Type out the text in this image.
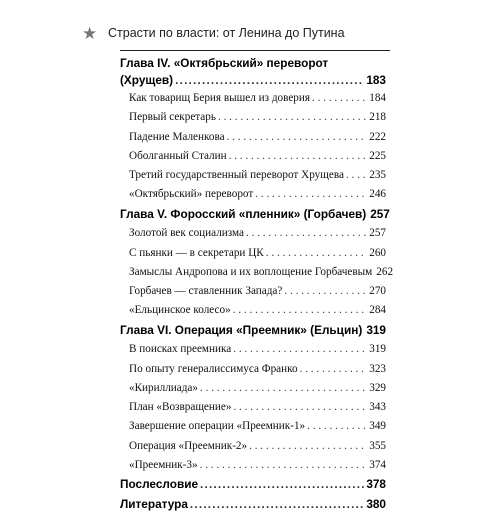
★ Страсти по власти: от Ленина до Путина
Глава IV. «Октябрьский» переворот
(Хрущев) .....	183
Как товарищ Берия вышел из доверия . . .	184
Первый секретарь . . .	218
Падение Маленкова . . .	222
Оболганный Сталин . . .	225
Третий государственный переворот Хрущева . . . 235
«Октябрьский» переворот . . .	246
Глава V. Форосский «пленник» (Горбачев) 257
Золотой век социализма . . .	257
С пьянки — в секретари ЦК . . .	260
Замыслы Андропова и их воплощение Горбачевым 262
Горбачев — ставленник Запада? . . .	270
«Ельцинское колесо» . . .	284
Глава VI. Операция «Преемник» (Ельцин) ..... 319
В поисках преемника . . .	319
По опыту генералиссимуса Франко . . .	323
«Кириллиада» . . .	329
План «Возвращение» . . .	343
Завершение операции «Преемник-1» . . .	349
Операция «Преемник-2» . . .	355
«Преемник-3» . . .	374
Послесловие .....	378
Литература .....	380
